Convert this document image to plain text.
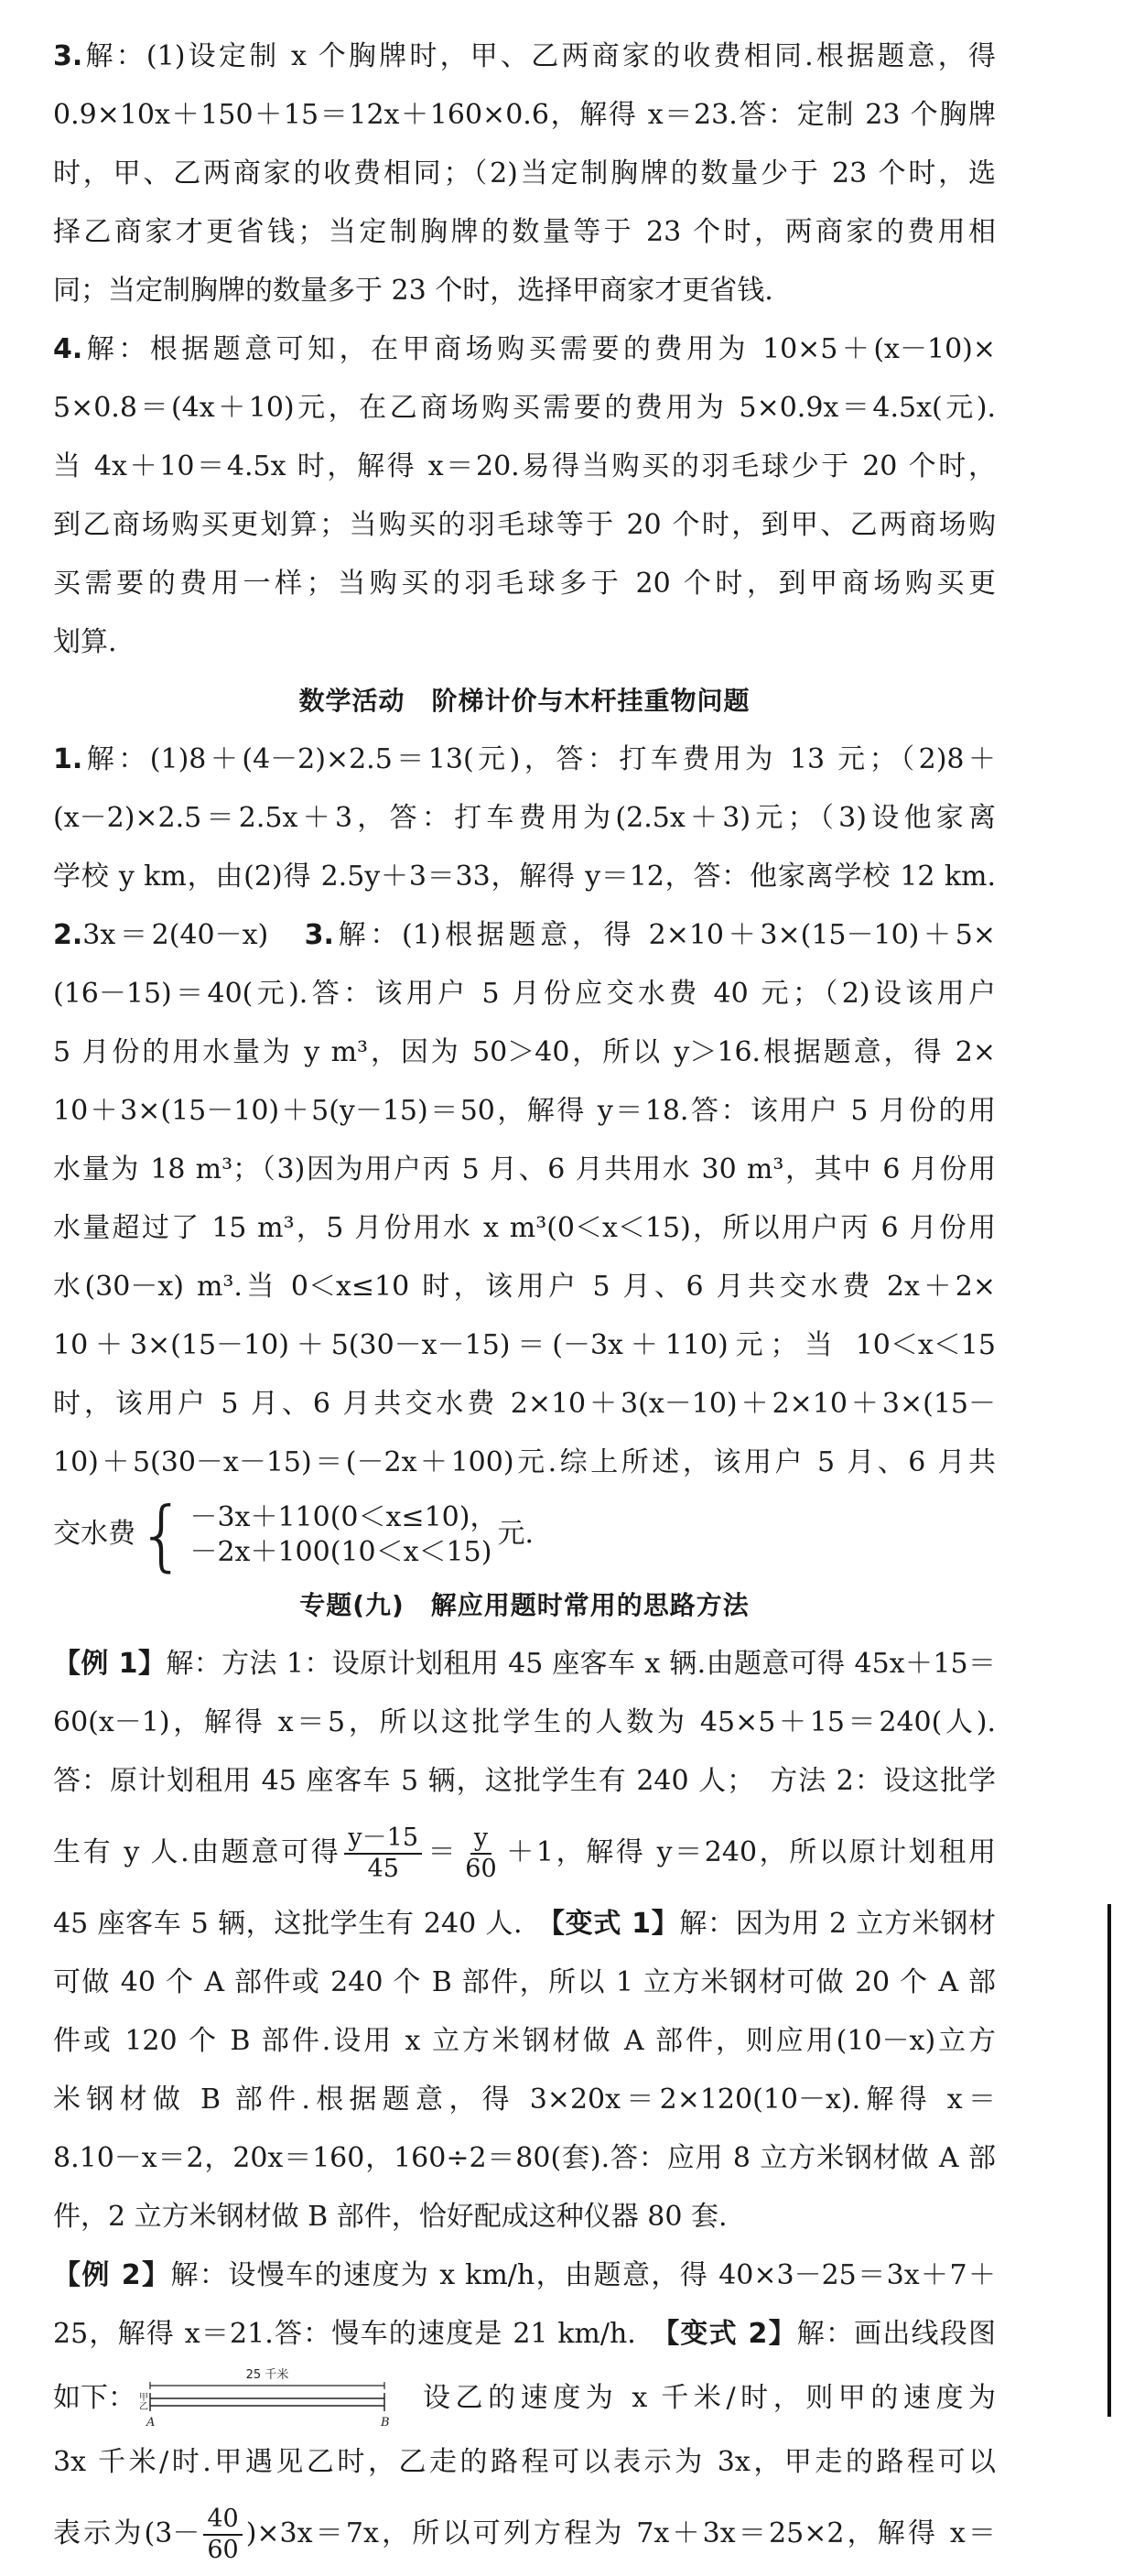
3.解：(1)设定制 x 个胸牌时，甲、乙两商家的收费相同.根据题意，得
0.9×10x＋150＋15＝12x＋160×0.6，解得 x＝23.答：定制 23 个胸牌
时，甲、乙两商家的收费相同；（2)当定制胸牌的数量少于 23 个时，选
择乙商家才更省钱；当定制胸牌的数量等于 23 个时，两商家的费用相
同；当定制胸牌的数量多于 23 个时，选择甲商家才更省钱.
4.解：根据题意可知，在甲商场购买需要的费用为 10×5＋(x－10)×
5×0.8＝(4x＋10)元，在乙商场购买需要的费用为 5×0.9x＝4.5x(元).
当 4x＋10＝4.5x 时，解得 x＝20.易得当购买的羽毛球少于 20 个时，
到乙商场购买更划算；当购买的羽毛球等于 20 个时，到甲、乙两商场购
买需要的费用一样；当购买的羽毛球多于 20 个时，到甲商场购买更
划算.
数学活动　阶梯计价与木杆挂重物问题
1.解：(1)8＋(4－2)×2.5＝13(元)，答：打车费用为 13 元；（2)8＋
(x－2)×2.5＝2.5x＋3，答：打车费用为(2.5x＋3)元；（3)设他家离
学校 y km，由(2)得 2.5y＋3＝33，解得 y＝12，答：他家离学校 12 km.
2.3x＝2(40－x)　 3.解：(1)根据题意，得 2×10＋3×(15－10)＋5×
(16－15)＝40(元).答：该用户 5 月份应交水费 40 元；（2)设该用户
5 月份的用水量为 y m³，因为 50＞40，所以 y＞16.根据题意，得 2×
10＋3×(15－10)＋5(y－15)＝50，解得 y＝18.答：该用户 5 月份的用
水量为 18 m³；（3)因为用户丙 5 月、6 月共用水 30 m³，其中 6 月份用
水量超过了 15 m³，5 月份用水 x m³(0＜x＜15)，所以用户丙 6 月份用
水(30－x) m³.当 0＜x≤10 时，该用户 5 月、6 月共交水费 2x＋2×
10＋3×(15－10)＋5(30－x－15)＝(－3x＋110)元；当 10＜x＜15
时，该用户 5 月、6 月共交水费 2×10＋3(x－10)＋2×10＋3×(15－
10)＋5(30－x－15)＝(－2x＋100)元.综上所述，该用户 5 月、6 月共
交水费 { －3x＋110(0＜x≤10)，
－2x＋100(10＜x＜15)
元.
专题(九)　解应用题时常用的思路方法
【例 1】解：方法 1：设原计划租用 45 座客车 x 辆.由题意可得 45x＋15＝
60(x－1)，解得 x＝5，所以这批学生的人数为 45×5＋15＝240(人).
答：原计划租用 45 座客车 5 辆，这批学生有 240 人；　方法 2：设这批学
生有 y 人.由题意可得 $\frac{y-15}{45} = \frac{y}{60} +1$，解得 y＝240，所以原计划租用
45 座客车 5 辆，这批学生有 240 人.　 【变式 1】解：因为用 2 立方米钢材
可做 40 个 A 部件或 240 个 B 部件，所以 1 立方米钢材可做 20 个 A 部
件或 120 个 B 部件.设用 x 立方米钢材做 A 部件，则应用(10－x)立方
米钢材做 B 部件.根据题意，得 3×20x＝2×120(10－x).解得 x＝
8.10－x＝2，20x＝160，160÷2＝80(套).答：应用 8 立方米钢材做 A 部
件，2 立方米钢材做 B 部件，恰好配成这种仪器 80 套.
【例 2】解：设慢车的速度为 x km/h，由题意，得 40×3－25＝3x＋7＋
25，解得 x＝21.答：慢车的速度是 21 km/h.　 【变式 2】解：画出线段图
如下：
25 千米
甲
乙
A	B
设乙的速度为 x 千米/时，则甲的速度为
3x 千米/时.甲遇见乙时，乙走的路程可以表示为 3x，甲走的路程可以
表示为$(3- \frac{40}{60} )\times 3x=7x$，所以可列方程为 7x＋3x＝25×2，解得 x＝
